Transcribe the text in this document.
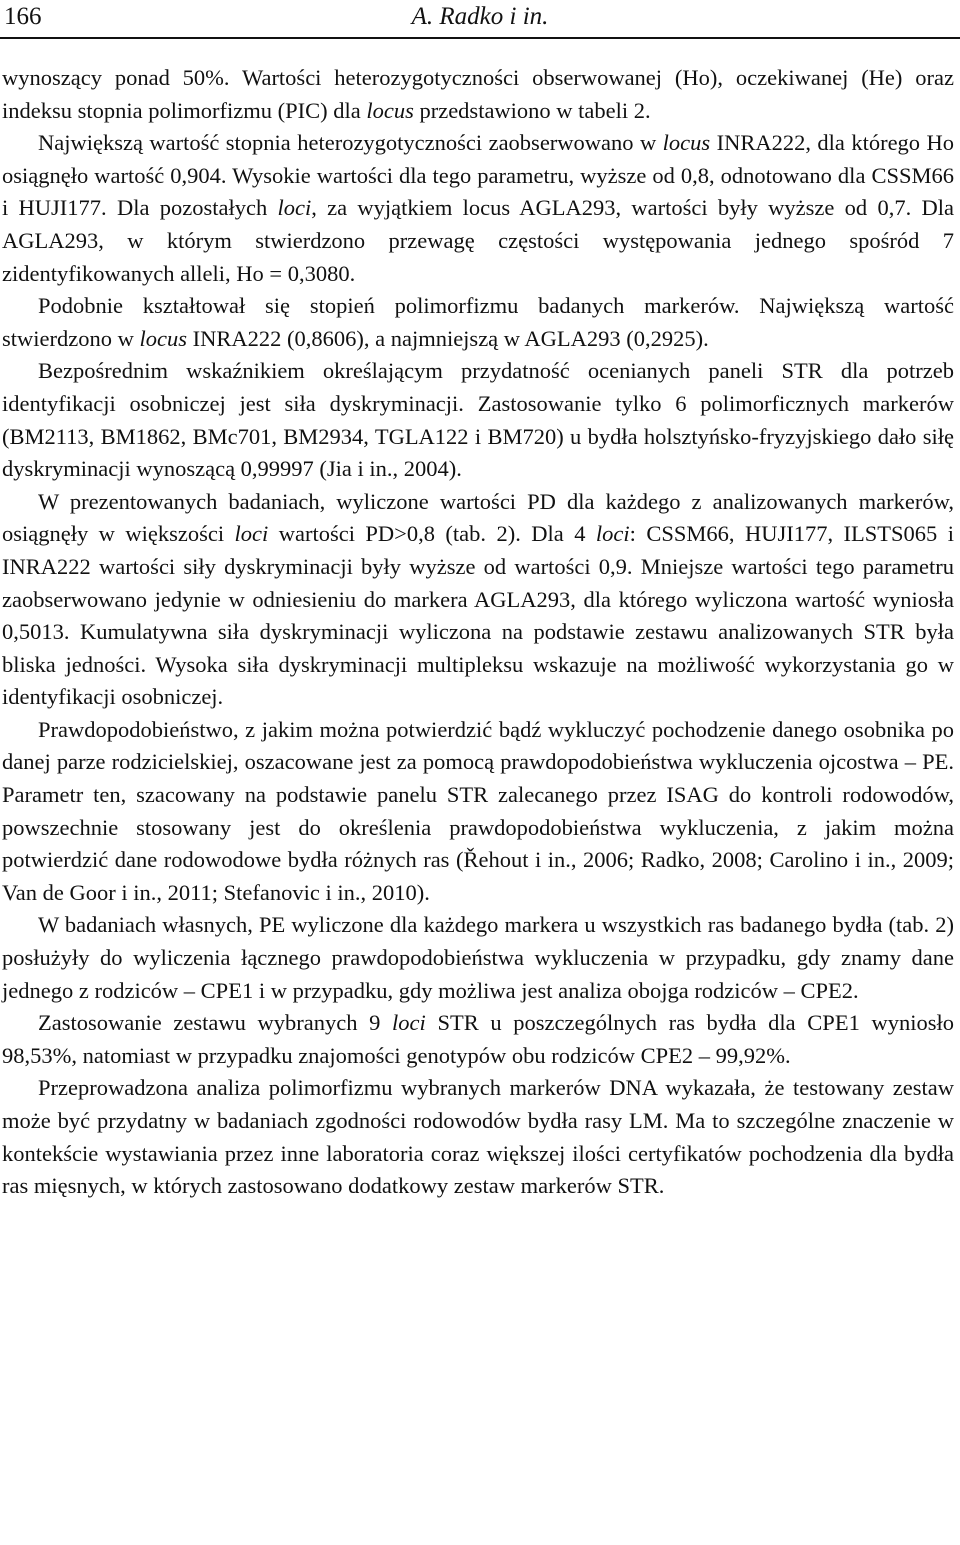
166	A. Radko i in.

wynoszący ponad 50%. Wartości heterozygotyczności obserwowanej (Ho), oczekiwanej (He) oraz indeksu stopnia polimorfizmu (PIC) dla locus przedstawiono w tabeli 2.

Największą wartość stopnia heterozygotyczności zaobserwowano w locus INRA222, dla którego Ho osiągnęło wartość 0,904. Wysokie wartości dla tego parametru, wyższe od 0,8, odnotowano dla CSSM66 i HUJI177. Dla pozostałych loci, za wyjątkiem locus AGLA293, wartości były wyższe od 0,7. Dla AGLA293, w którym stwierdzono przewagę częstości występowania jednego spośród 7 zidentyfikowanych alleli, Ho = 0,3080.

Podobnie kształtował się stopień polimorfizmu badanych markerów. Największą wartość stwierdzono w locus INRA222 (0,8606), a najmniejszą w AGLA293 (0,2925).

Bezpośrednim wskaźnikiem określającym przydatność ocenianych paneli STR dla potrzeb identyfikacji osobniczej jest siła dyskryminacji. Zastosowanie tylko 6 polimorficznych markerów (BM2113, BM1862, BMc701, BM2934, TGLA122 i BM720) u bydła holsztyńsko-fryzyjskiego dało siłę dyskryminacji wynoszącą 0,99997 (Jia i in., 2004).

W prezentowanych badaniach, wyliczone wartości PD dla każdego z analizowanych markerów, osiągnęły w większości loci wartości PD>0,8 (tab. 2). Dla 4 loci: CSSM66, HUJI177, ILSTS065 i INRA222 wartości siły dyskryminacji były wyższe od wartości 0,9. Mniejsze wartości tego parametru zaobserwowano jedynie w odniesieniu do markera AGLA293, dla którego wyliczona wartość wyniosła 0,5013. Kumulatywna siła dyskryminacji wyliczona na podstawie zestawu analizowanych STR była bliska jedności. Wysoka siła dyskryminacji multipleksu wskazuje na możliwość wykorzystania go w identyfikacji osobniczej.

Prawdopodobieństwo, z jakim można potwierdzić bądź wykluczyć pochodzenie danego osobnika po danej parze rodzicielskiej, oszacowane jest za pomocą prawdopodobieństwa wykluczenia ojcostwa – PE. Parametr ten, szacowany na podstawie panelu STR zalecanego przez ISAG do kontroli rodowodów, powszechnie stosowany jest do określenia prawdopodobieństwa wykluczenia, z jakim można potwierdzić dane rodowodowe bydła różnych ras (Řehout i in., 2006; Radko, 2008; Carolino i in., 2009; Van de Goor i in., 2011; Stefanovic i in., 2010).

W badaniach własnych, PE wyliczone dla każdego markera u wszystkich ras badanego bydła (tab. 2) posłużyły do wyliczenia łącznego prawdopodobieństwa wykluczenia w przypadku, gdy znamy dane jednego z rodziców – CPE1 i w przypadku, gdy możliwa jest analiza obojga rodziców – CPE2.

Zastosowanie zestawu wybranych 9 loci STR u poszczególnych ras bydła dla CPE1 wyniosło 98,53%, natomiast w przypadku znajomości genotypów obu rodziców CPE2 – 99,92%.

Przeprowadzona analiza polimorfizmu wybranych markerów DNA wykazała, że testowany zestaw może być przydatny w badaniach zgodności rodowodów bydła rasy LM. Ma to szczególne znaczenie w kontekście wystawiania przez inne laboratoria coraz większej ilości certyfikatów pochodzenia dla bydła ras mięsnych, w których zastosowano dodatkowy zestaw markerów STR.
